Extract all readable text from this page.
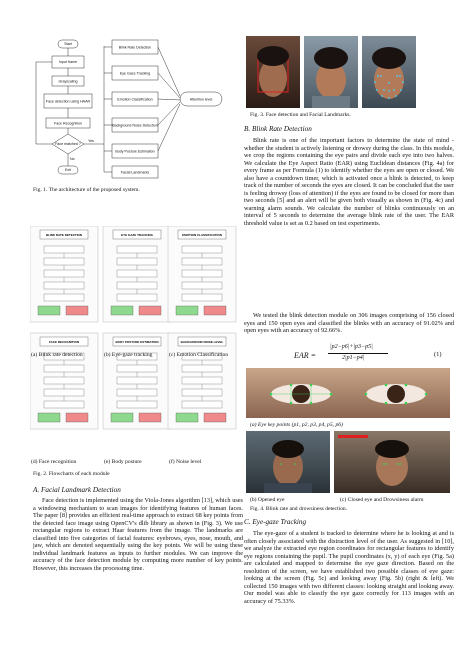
Start
Input frame
Grayscaling
Face detection using HAAR
Face Recognition
Face matched ?
Exit
Yes
No
Blink Rate Detection
Eye Gaze Tracking
Emotion Classification
Background Noise Detection
Body Posture Estimation
Facial Landmarks
Attention level
Fig. 1. The architecture of the proposed system.
BLINK RATE DETECTION	EYE GAZE TRACKING	EMOTION CLASSIFICATION
FACE RECOGNITION	BODY POSTURE ESTIMATION	BACKGROUND NOISE LEVEL
(a) Blink rate detection	(b) Eye-gaze tracking	(c) Emotion Classification
(d) Face recognition	(e) Body posture	(f) Noise level
Fig. 2. Flowcharts of each module
A. Facial Landmark Detection

Face detection is implemented using the Viola-Jones algorithm [13], which uses a windowing mechanism to scan images for identifying features of human faces. The paper [8] provides an efficient real-time approach to extract 68 key points from the detected face image using OpenCV's dlib library as shown in (Fig. 3). We use rectangular regions to extract Haar features from the image. The landmarks are classified into five categories of facial features: eyebrows, eyes, nose, mouth, and jaw, which are denoted sequentially using the key points. We will be using these individual landmark features as inputs to further modules. We can improve the accuracy of the face detection module by computing more number of key points. However, this increases the processing time.

Fig. 3. Face detection and Facial Landmarks.
B. Blink Rate Detection

Blink rate is one of the important factors to determine the state of mind - whether the student is actively listening or drowsy during the class. In this module, we crop the regions containing the eye pairs and divide each eye into two halves. We calculate the Eye Aspect Ratio (EAR) using Euclidean distances (Fig. 4a) for every frame as per Formula (1) to identify whether the eyes are open or closed. We also have a countdown timer, which is activated once a blink is detected, to keep track of the number of seconds the eyes are closed. It can be concluded that the user is feeling drowsy (loss of attention) if the eyes are found to be closed for more than two seconds [5] and an alert will be given both visually as shown in (Fig. 4c) and warning alarm sounds. We calculate the number of blinks continuously on an interval of 5 seconds to determine the average blink rate of the user. The EAR threshold value is set as 0.2 based on test experiments.

We tested the blink detection module on 306 images comprising of 156 closed eyes and 150 open eyes and classified the blinks with an accuracy of 91.02% and open eyes with an accuracy of 92.66%.

EAR =
|p2−p6|+|p3−p5|
2|p1−p4|	(1)
(a) Eye key points (p1, p2, p3, p4, p5, p6)
(b) Opened eye	(c) Closed eye and Drowsiness alarm
Fig. 4. Blink rate and drowsiness detection.
C. Eye-gaze Tracking

The eye-gaze of a student is tracked to determine where he is looking at and is often closely associated with the distraction level of the user. As suggested in [10], we analyze the extracted eye region coordinates for rectangular features to identify eye regions containing the pupil. The pupil coordinates (x, y) of each eye (Fig. 5a) are calculated and mapped to determine the eye gaze direction. Based on the resolution of the screen, we have established two possible classes of eye gaze: looking at the screen (Fig. 5c) and looking away (Fig. 5b) (right & left). We collected 150 images with two different classes: looking straight and looking away. Our model was able to classify the eye gaze correctly for 113 images with an accuracy of 75.33%.
